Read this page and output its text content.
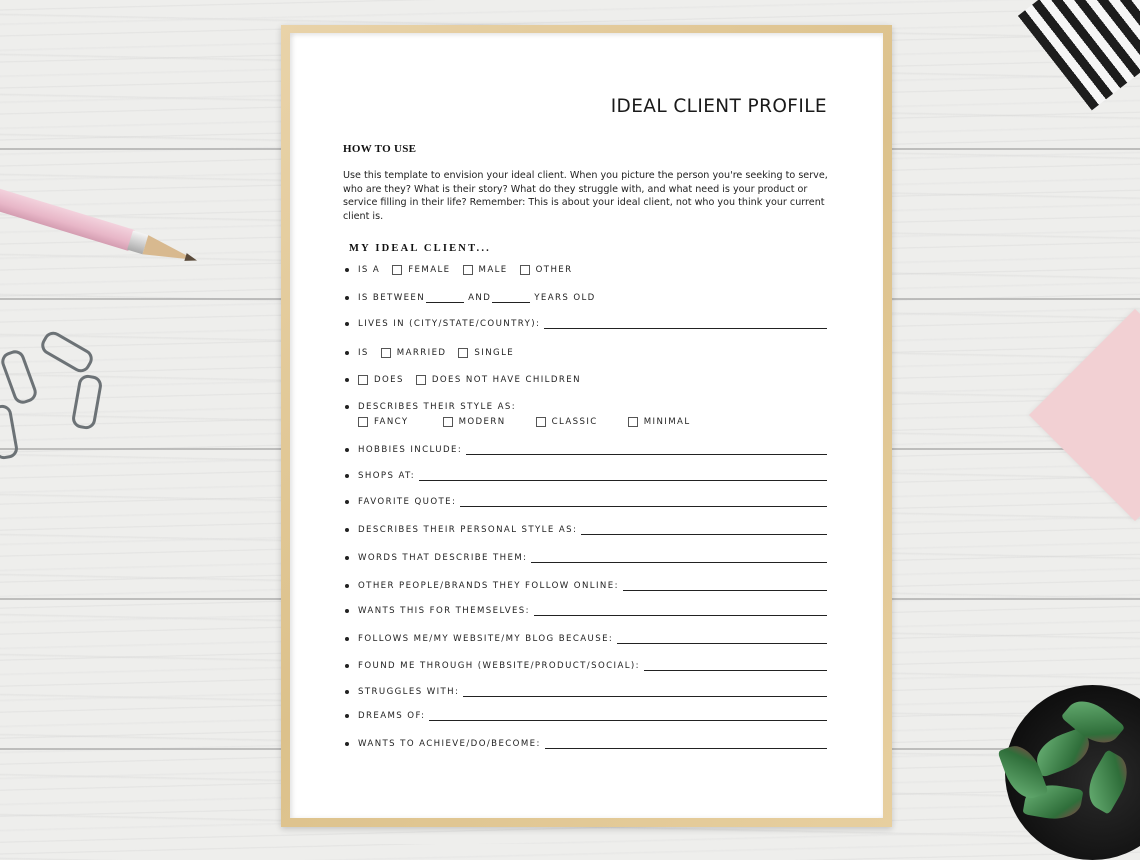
IDEAL CLIENT PROFILE
HOW TO USE

Use this template to envision your ideal client. When you picture the person you're seeking to serve, who are they? What is their story? What do they struggle with, and what need is your product or service filling in their life? Remember: This is about your ideal client, not who you think your current client is.

MY IDEAL CLIENT...
IS A	FEMALE	MALE	OTHER
IS BETWEEN	AND	YEARS OLD
LIVES IN (CITY/STATE/COUNTRY):
IS	MARRIED	SINGLE
DOES	DOES NOT HAVE CHILDREN
DESCRIBES THEIR STYLE AS:
FANCY	MODERN	CLASSIC	MINIMAL
HOBBIES INCLUDE:
SHOPS AT:
FAVORITE QUOTE:
DESCRIBES THEIR PERSONAL STYLE AS:
WORDS THAT DESCRIBE THEM:
OTHER PEOPLE/BRANDS THEY FOLLOW ONLINE:
WANTS THIS FOR THEMSELVES:
FOLLOWS ME/MY WEBSITE/MY BLOG BECAUSE:
FOUND ME THROUGH (WEBSITE/PRODUCT/SOCIAL):
STRUGGLES WITH:
DREAMS OF:
WANTS TO ACHIEVE/DO/BECOME:
